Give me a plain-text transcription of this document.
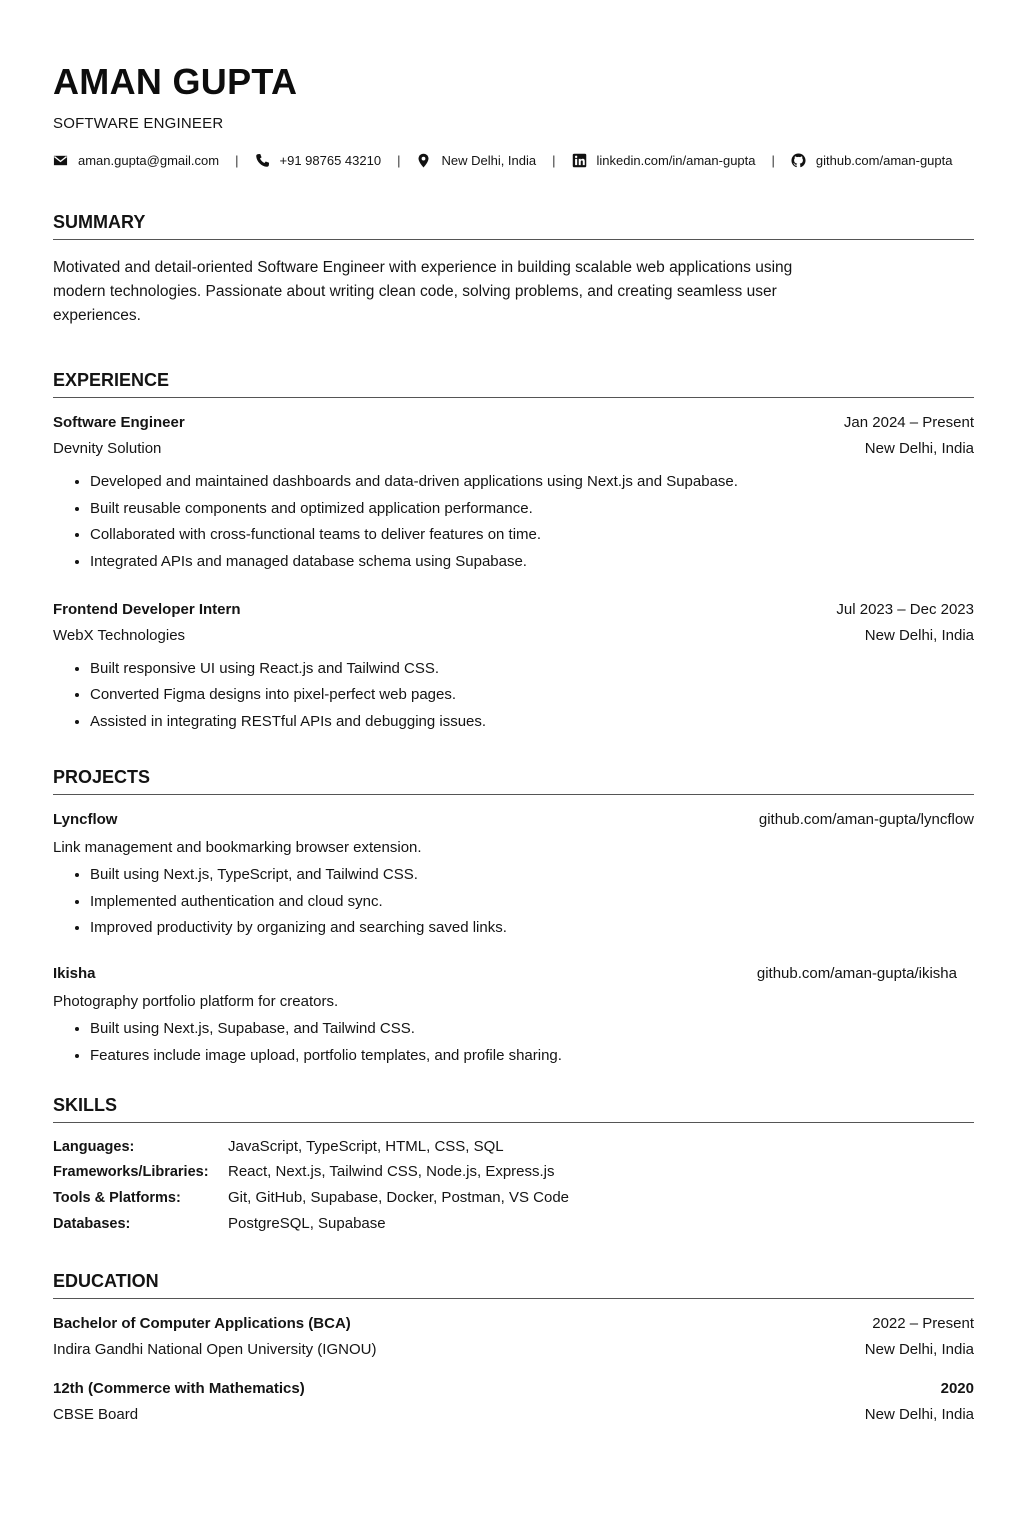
AMAN GUPTA
SOFTWARE ENGINEER
aman.gupta@gmail.com |	+91 98765 43210 |	New Delhi, India |	linkedin.com/in/aman-gupta |	github.com/aman-gupta
SUMMARY
Motivated and detail-oriented Software Engineer with experience in building scalable web applications using modern technologies. Passionate about writing clean code, solving problems, and creating seamless user experiences.
EXPERIENCE
Software Engineer	Jan 2024 – Present
Devnity Solution	New Delhi, India
• Developed and maintained dashboards and data-driven applications using Next.js and Supabase.
• Built reusable components and optimized application performance.
• Collaborated with cross-functional teams to deliver features on time.
• Integrated APIs and managed database schema using Supabase.
Frontend Developer Intern	Jul 2023 – Dec 2023
WebX Technologies	New Delhi, India
• Built responsive UI using React.js and Tailwind CSS.
• Converted Figma designs into pixel-perfect web pages.
• Assisted in integrating RESTful APIs and debugging issues.
PROJECTS
Lyncflow	github.com/aman-gupta/lyncflow
Link management and bookmarking browser extension.
• Built using Next.js, TypeScript, and Tailwind CSS.
• Implemented authentication and cloud sync.
• Improved productivity by organizing and searching saved links.
Ikisha	github.com/aman-gupta/ikisha
Photography portfolio platform for creators.
• Built using Next.js, Supabase, and Tailwind CSS.
• Features include image upload, portfolio templates, and profile sharing.
SKILLS
Languages:	JavaScript, TypeScript, HTML, CSS, SQL
Frameworks/Libraries:	React, Next.js, Tailwind CSS, Node.js, Express.js
Tools & Platforms:	Git, GitHub, Supabase, Docker, Postman, VS Code
Databases:	PostgreSQL, Supabase
EDUCATION
Bachelor of Computer Applications (BCA)	2022 – Present
Indira Gandhi National Open University (IGNOU)	New Delhi, India
12th (Commerce with Mathematics)	2020
CBSE Board	New Delhi, India
